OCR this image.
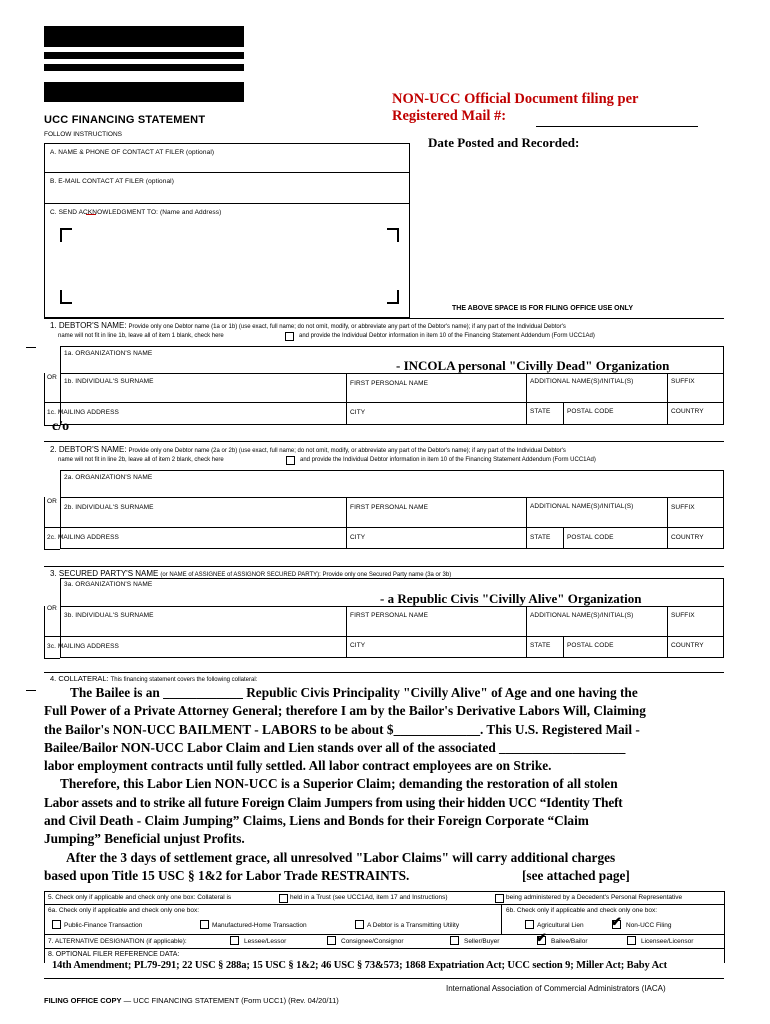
UCC FINANCING STATEMENT
FOLLOW INSTRUCTIONS
NON-UCC Official Document filing per
Registered Mail #:
Date Posted and Recorded:
A. NAME & PHONE OF CONTACT AT FILER (optional)
B. E-MAIL CONTACT AT FILER (optional)
C. SEND ACKNOWLEDGMENT TO: (Name and Address)
THE ABOVE SPACE IS FOR FILING OFFICE USE ONLY
1. DEBTOR'S NAME: Provide only one Debtor name (1a or 1b) (use exact, full name; do not omit, modify, or abbreviate any part of the Debtor's name); if any part of the Individual Debtor's
name will not fit in line 1b, leave all of item 1 blank, check here	and provide the Individual Debtor information in item 10 of the Financing Statement Addendum (Form UCC1Ad)
1a. ORGANIZATION'S NAME
- INCOLA personal "Civilly Dead" Organization
OR
1b. INDIVIDUAL'S SURNAME	FIRST PERSONAL NAME	ADDITIONAL NAME(S)/INITIAL(S)	SUFFIX
1c. MAILING ADDRESS	CITY	STATE	POSTAL CODE	COUNTRY
c/o
2. DEBTOR'S NAME: Provide only one Debtor name (2a or 2b) (use exact, full name; do not omit, modify, or abbreviate any part of the Debtor's name); if any part of the Individual Debtor's
name will not fit in line 2b, leave all of item 2 blank, check here	and provide the Individual Debtor information in item 10 of the Financing Statement Addendum (Form UCC1Ad)
2a. ORGANIZATION'S NAME
OR
2b. INDIVIDUAL'S SURNAME	FIRST PERSONAL NAME	ADDITIONAL NAME(S)/INITIAL(S)	SUFFIX
2c. MAILING ADDRESS	CITY	STATE	POSTAL CODE	COUNTRY
3. SECURED PARTY'S NAME (or NAME of ASSIGNEE of ASSIGNOR SECURED PARTY): Provide only one Secured Party name (3a or 3b)
3a. ORGANIZATION'S NAME
- a Republic Civis "Civilly Alive" Organization
OR
3b. INDIVIDUAL'S SURNAME	FIRST PERSONAL NAME	ADDITIONAL NAME(S)/INITIAL(S)	SUFFIX
3c. MAILING ADDRESS	CITY	STATE	POSTAL CODE	COUNTRY
4. COLLATERAL: This financing statement covers the following collateral:

The Bailee is an ____________ Republic Civis Principality "Civilly Alive" of Age and one having the

Full Power of a Private Attorney General; therefore I am by the Bailor's Derivative Labors Will, Claiming

the Bailor's NON-UCC BAILMENT - LABORS to be about $_____________. This U.S. Registered Mail -

Bailee/Bailor NON-UCC Labor Claim and Lien stands over all of the associated ___________________

labor employment contracts until fully settled. All labor contract employees are on Strike.

Therefore, this Labor Lien NON-UCC is a Superior Claim; demanding the restoration of all stolen

Labor assets and to strike all future Foreign Claim Jumpers from using their hidden UCC “Identity Theft

and Civil Death - Claim Jumping” Claims, Liens and Bonds for their Foreign Corporate “Claim

Jumping” Beneficial unjust Profits.

After the 3 days of settlement grace, all unresolved "Labor Claims" will carry additional charges

based upon Title 15 USC § 1&2 for Labor Trade RESTRAINTS.	[see attached page]

5. Check only if applicable and check only one box: Collateral is	held in a Trust (see UCC1Ad, item 17 and Instructions)	being administered by a Decedent's Personal Representative
6a. Check only if applicable and check only one box:	6b. Check only if applicable and check only one box:
Public-Finance Transaction	Manufactured-Home Transaction	A Debtor is a Transmitting Utility	Agricultural Lien ✔ Non-UCC Filing
7. ALTERNATIVE DESIGNATION (if applicable):	Lessee/Lessor	Consignee/Consignor	Seller/Buyer	✔ Bailee/Bailor	Licensee/Licensor
8. OPTIONAL FILER REFERENCE DATA:
14th Amendment; PL79-291; 22 USC § 288a; 15 USC § 1&2; 46 USC § 73&573; 1868 Expatriation Act; UCC section 9; Miller Act; Baby Act
International Association of Commercial Administrators (IACA)
FILING OFFICE COPY — UCC FINANCING STATEMENT (Form UCC1) (Rev. 04/20/11)
